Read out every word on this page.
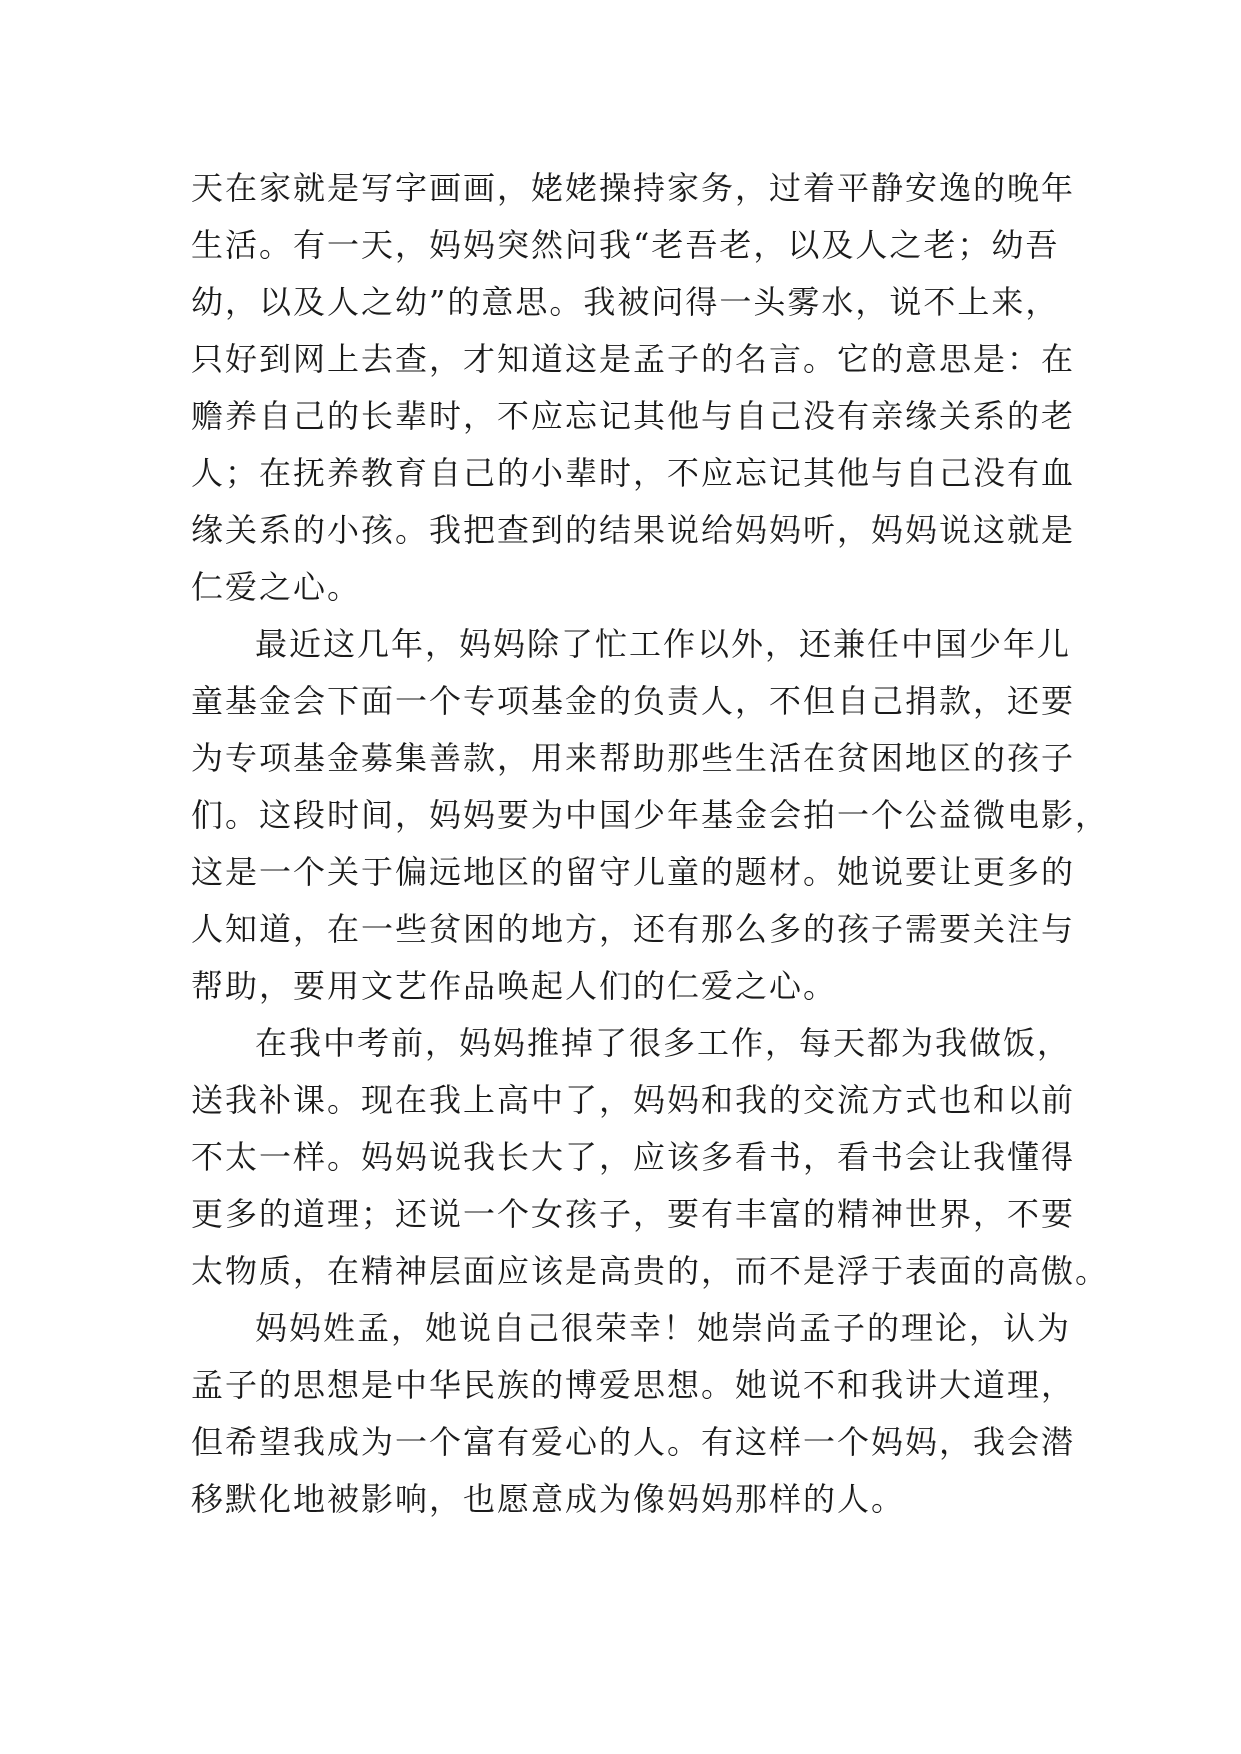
天在家就是写字画画，姥姥操持家务，过着平静安逸的晚年
生活。有一天，妈妈突然问我“老吾老，以及人之老；幼吾
幼，以及人之幼”的意思。我被问得一头雾水，说不上来，
只好到网上去查，才知道这是孟子的名言。它的意思是：在
赡养自己的长辈时，不应忘记其他与自己没有亲缘关系的老
人；在抚养教育自己的小辈时，不应忘记其他与自己没有血
缘关系的小孩。我把查到的结果说给妈妈听，妈妈说这就是
仁爱之心。
最近这几年，妈妈除了忙工作以外，还兼任中国少年儿
童基金会下面一个专项基金的负责人，不但自己捐款，还要
为专项基金募集善款，用来帮助那些生活在贫困地区的孩子
们。这段时间，妈妈要为中国少年基金会拍一个公益微电影，
这是一个关于偏远地区的留守儿童的题材。她说要让更多的
人知道，在一些贫困的地方，还有那么多的孩子需要关注与
帮助，要用文艺作品唤起人们的仁爱之心。
在我中考前，妈妈推掉了很多工作，每天都为我做饭，
送我补课。现在我上高中了，妈妈和我的交流方式也和以前
不太一样。妈妈说我长大了，应该多看书，看书会让我懂得
更多的道理；还说一个女孩子，要有丰富的精神世界，不要
太物质，在精神层面应该是高贵的，而不是浮于表面的高傲。
妈妈姓孟，她说自己很荣幸！她崇尚孟子的理论，认为
孟子的思想是中华民族的博爱思想。她说不和我讲大道理，
但希望我成为一个富有爱心的人。有这样一个妈妈，我会潜
移默化地被影响，也愿意成为像妈妈那样的人。
